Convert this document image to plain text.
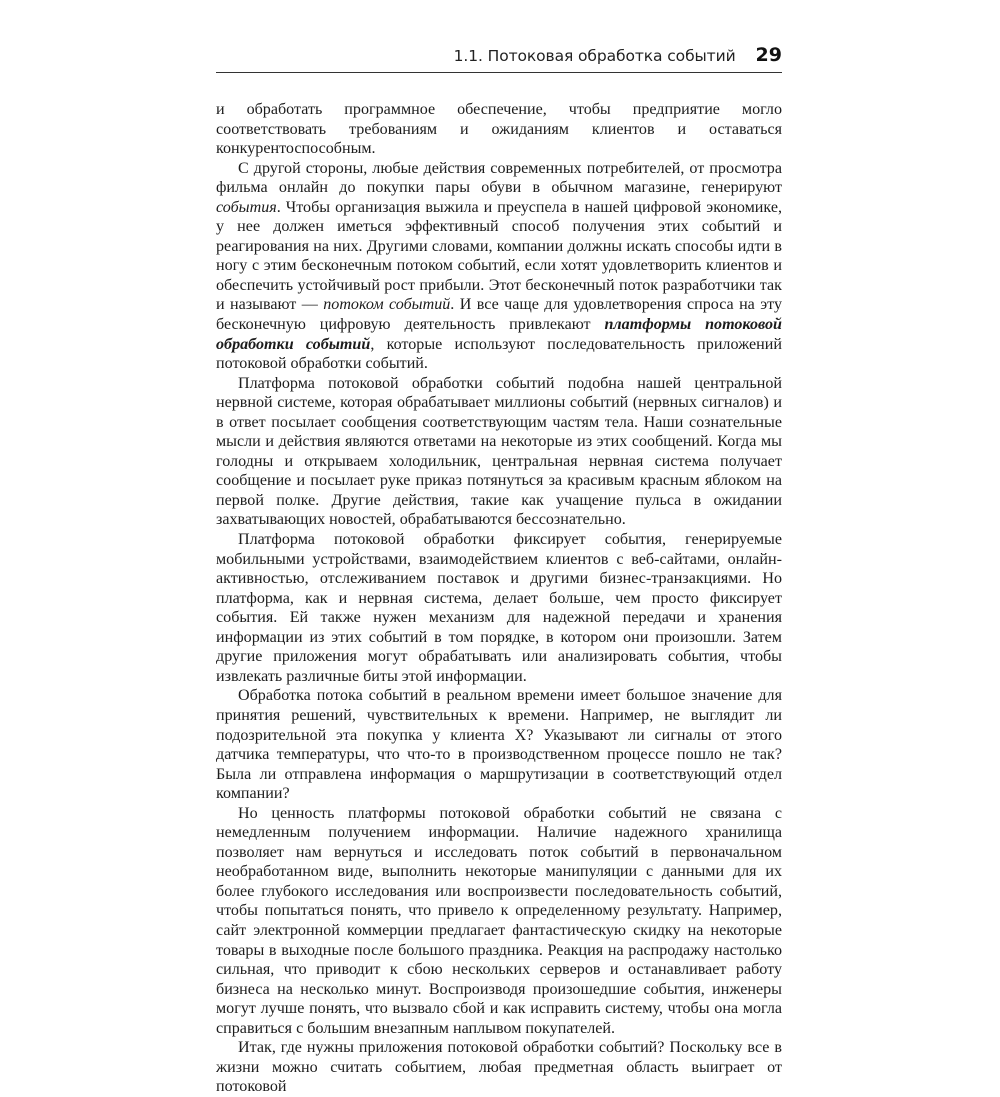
1.1. Потоковая обработка событий 29

и обработать программное обеспечение, чтобы предприятие могло соответствовать требованиям и ожиданиям клиентов и оставаться конкурентоспособным.

С другой стороны, любые действия современных потребителей, от просмотра фильма онлайн до покупки пары обуви в обычном магазине, генерируют события. Чтобы организация выжила и преуспела в нашей цифровой экономике, у нее должен иметься эффективный способ получения этих событий и реагирования на них. Другими словами, компании должны искать способы идти в ногу с этим бесконечным потоком событий, если хотят удовлетворить клиентов и обеспечить устойчивый рост прибыли. Этот бесконечный поток разработчики так и называют — потоком событий. И все чаще для удовлетворения спроса на эту бесконечную цифровую деятельность привлекают платформы потоковой обработки событий, которые используют последовательность приложений потоковой обработки событий.

Платформа потоковой обработки событий подобна нашей центральной нервной системе, которая обрабатывает миллионы событий (нервных сигналов) и в ответ посылает сообщения соответствующим частям тела. Наши сознательные мысли и действия являются ответами на некоторые из этих сообщений. Когда мы голодны и открываем холодильник, центральная нервная система получает сообщение и посылает руке приказ потянуться за красивым красным яблоком на первой полке. Другие действия, такие как учащение пульса в ожидании захватывающих новостей, обрабатываются бессознательно.

Платформа потоковой обработки фиксирует события, генерируемые мобильными устройствами, взаимодействием клиентов с веб-сайтами, онлайн-активностью, отслеживанием поставок и другими бизнес-транзакциями. Но платформа, как и нервная система, делает больше, чем просто фиксирует события. Ей также нужен механизм для надежной передачи и хранения информации из этих событий в том порядке, в котором они произошли. Затем другие приложения могут обрабатывать или анализировать события, чтобы извлекать различные биты этой информации.

Обработка потока событий в реальном времени имеет большое значение для принятия решений, чувствительных к времени. Например, не выглядит ли подозрительной эта покупка у клиента X? Указывают ли сигналы от этого датчика температуры, что что-то в производственном процессе пошло не так? Была ли отправлена информация о маршрутизации в соответствующий отдел компании?

Но ценность платформы потоковой обработки событий не связана с немедленным получением информации. Наличие надежного хранилища позволяет нам вернуться и исследовать поток событий в первоначальном необработанном виде, выполнить некоторые манипуляции с данными для их более глубокого исследования или воспроизвести последовательность событий, чтобы попытаться понять, что привело к определенному результату. Например, сайт электронной коммерции предлагает фантастическую скидку на некоторые товары в выходные после большого праздника. Реакция на распродажу настолько сильная, что приводит к сбою нескольких серверов и останавливает работу бизнеса на несколько минут. Воспроизводя произошедшие события, инженеры могут лучше понять, что вызвало сбой и как исправить систему, чтобы она могла справиться с большим внезапным наплывом покупателей.

Итак, где нужны приложения потоковой обработки событий? Поскольку все в жизни можно считать событием, любая предметная область выиграет от потоковой
